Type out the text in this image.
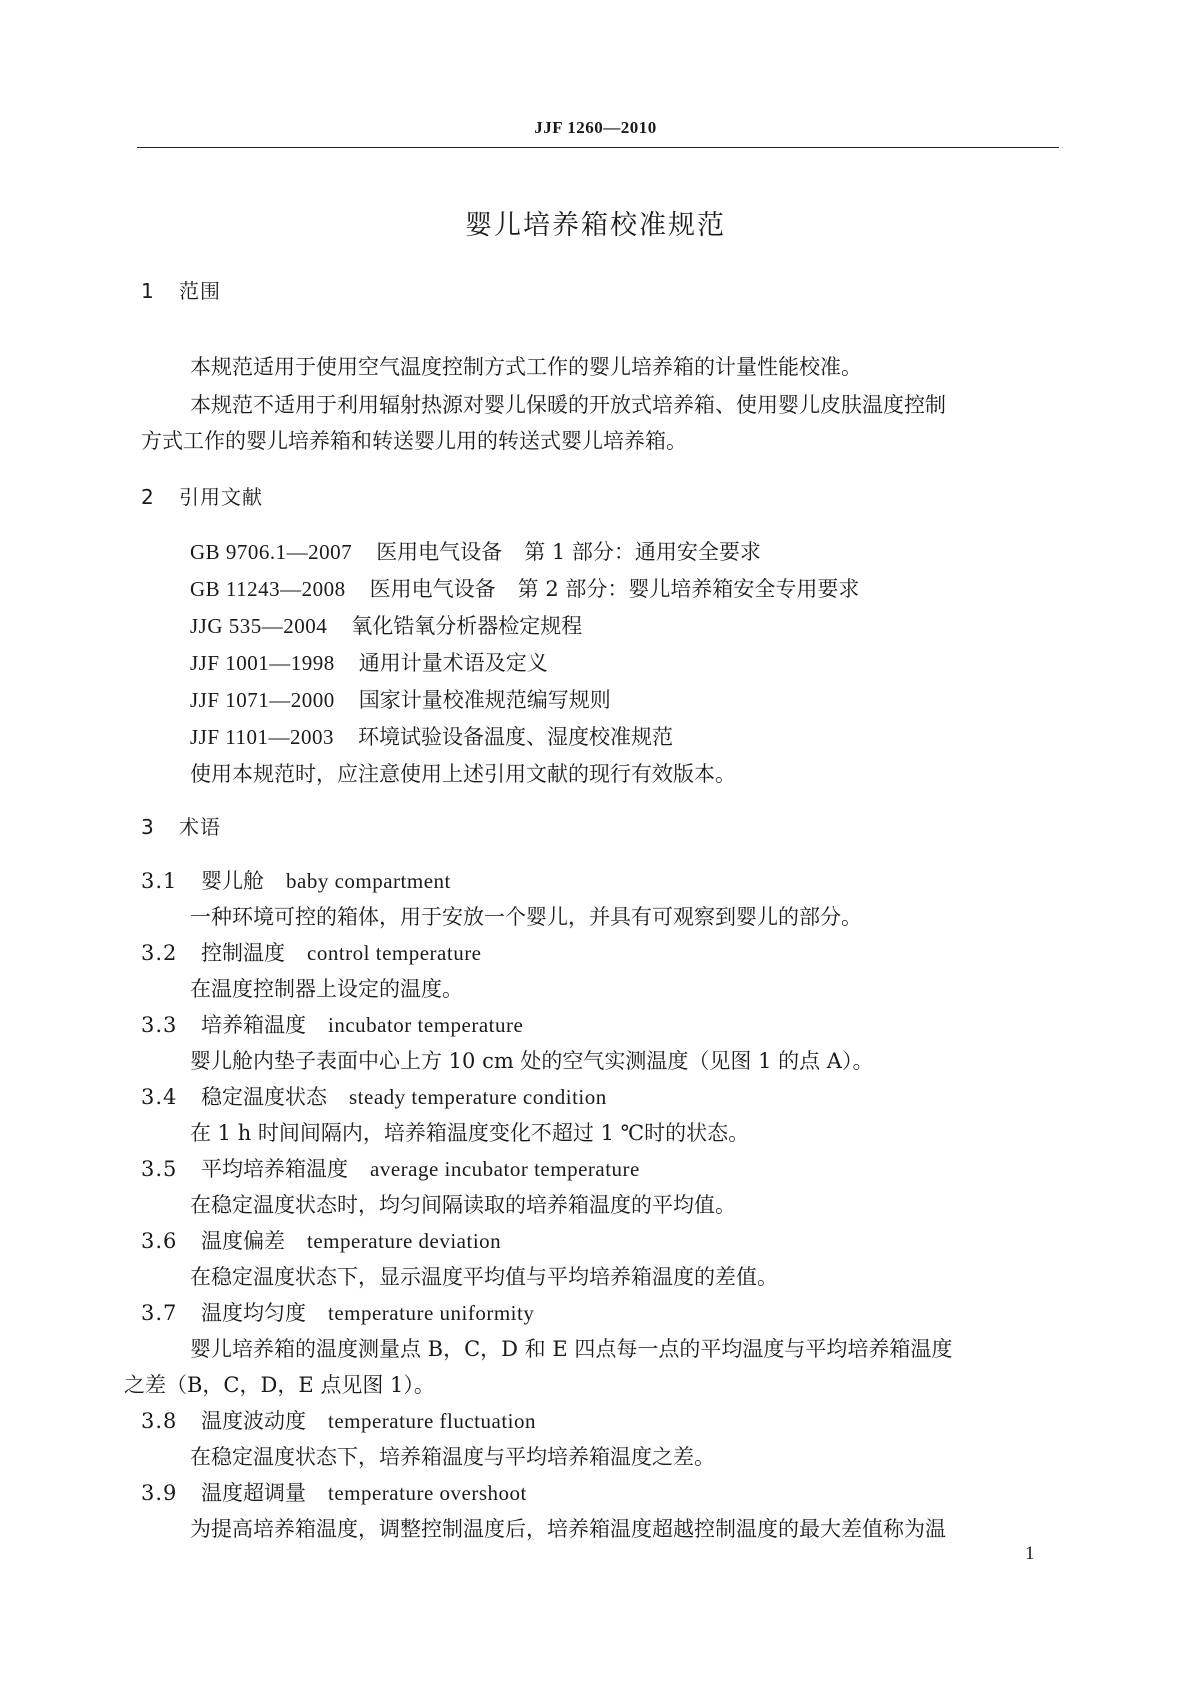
JJF 1260—2010
婴儿培养箱校准规范
1 范围
本规范适用于使用空气温度控制方式工作的婴儿培养箱的计量性能校准。
本规范不适用于利用辐射热源对婴儿保暖的开放式培养箱、使用婴儿皮肤温度控制
方式工作的婴儿培养箱和转送婴儿用的转送式婴儿培养箱。
2 引用文献
GB 9706.1—2007 医用电气设备 第 1 部分：通用安全要求
GB 11243—2008 医用电气设备 第 2 部分：婴儿培养箱安全专用要求
JJG 535—2004 氧化锆氧分析器检定规程
JJF 1001—1998 通用计量术语及定义
JJF 1071—2000 国家计量校准规范编写规则
JJF 1101—2003 环境试验设备温度、湿度校准规范
使用本规范时，应注意使用上述引用文献的现行有效版本。
3 术语
3.1 婴儿舱 baby compartment
一种环境可控的箱体，用于安放一个婴儿，并具有可观察到婴儿的部分。
3.2 控制温度 control temperature
在温度控制器上设定的温度。
3.3 培养箱温度 incubator temperature
婴儿舱内垫子表面中心上方 10 cm 处的空气实测温度（见图 1 的点 A）。
3.4 稳定温度状态 steady temperature condition
在 1 h 时间间隔内，培养箱温度变化不超过 1 ℃时的状态。
3.5 平均培养箱温度 average incubator temperature
在稳定温度状态时，均匀间隔读取的培养箱温度的平均值。
3.6 温度偏差 temperature deviation
在稳定温度状态下，显示温度平均值与平均培养箱温度的差值。
3.7 温度均匀度 temperature uniformity
婴儿培养箱的温度测量点 B，C，D 和 E 四点每一点的平均温度与平均培养箱温度
之差（B，C，D，E 点见图 1）。
3.8 温度波动度 temperature fluctuation
在稳定温度状态下，培养箱温度与平均培养箱温度之差。
3.9 温度超调量 temperature overshoot
为提高培养箱温度，调整控制温度后，培养箱温度超越控制温度的最大差值称为温
1
